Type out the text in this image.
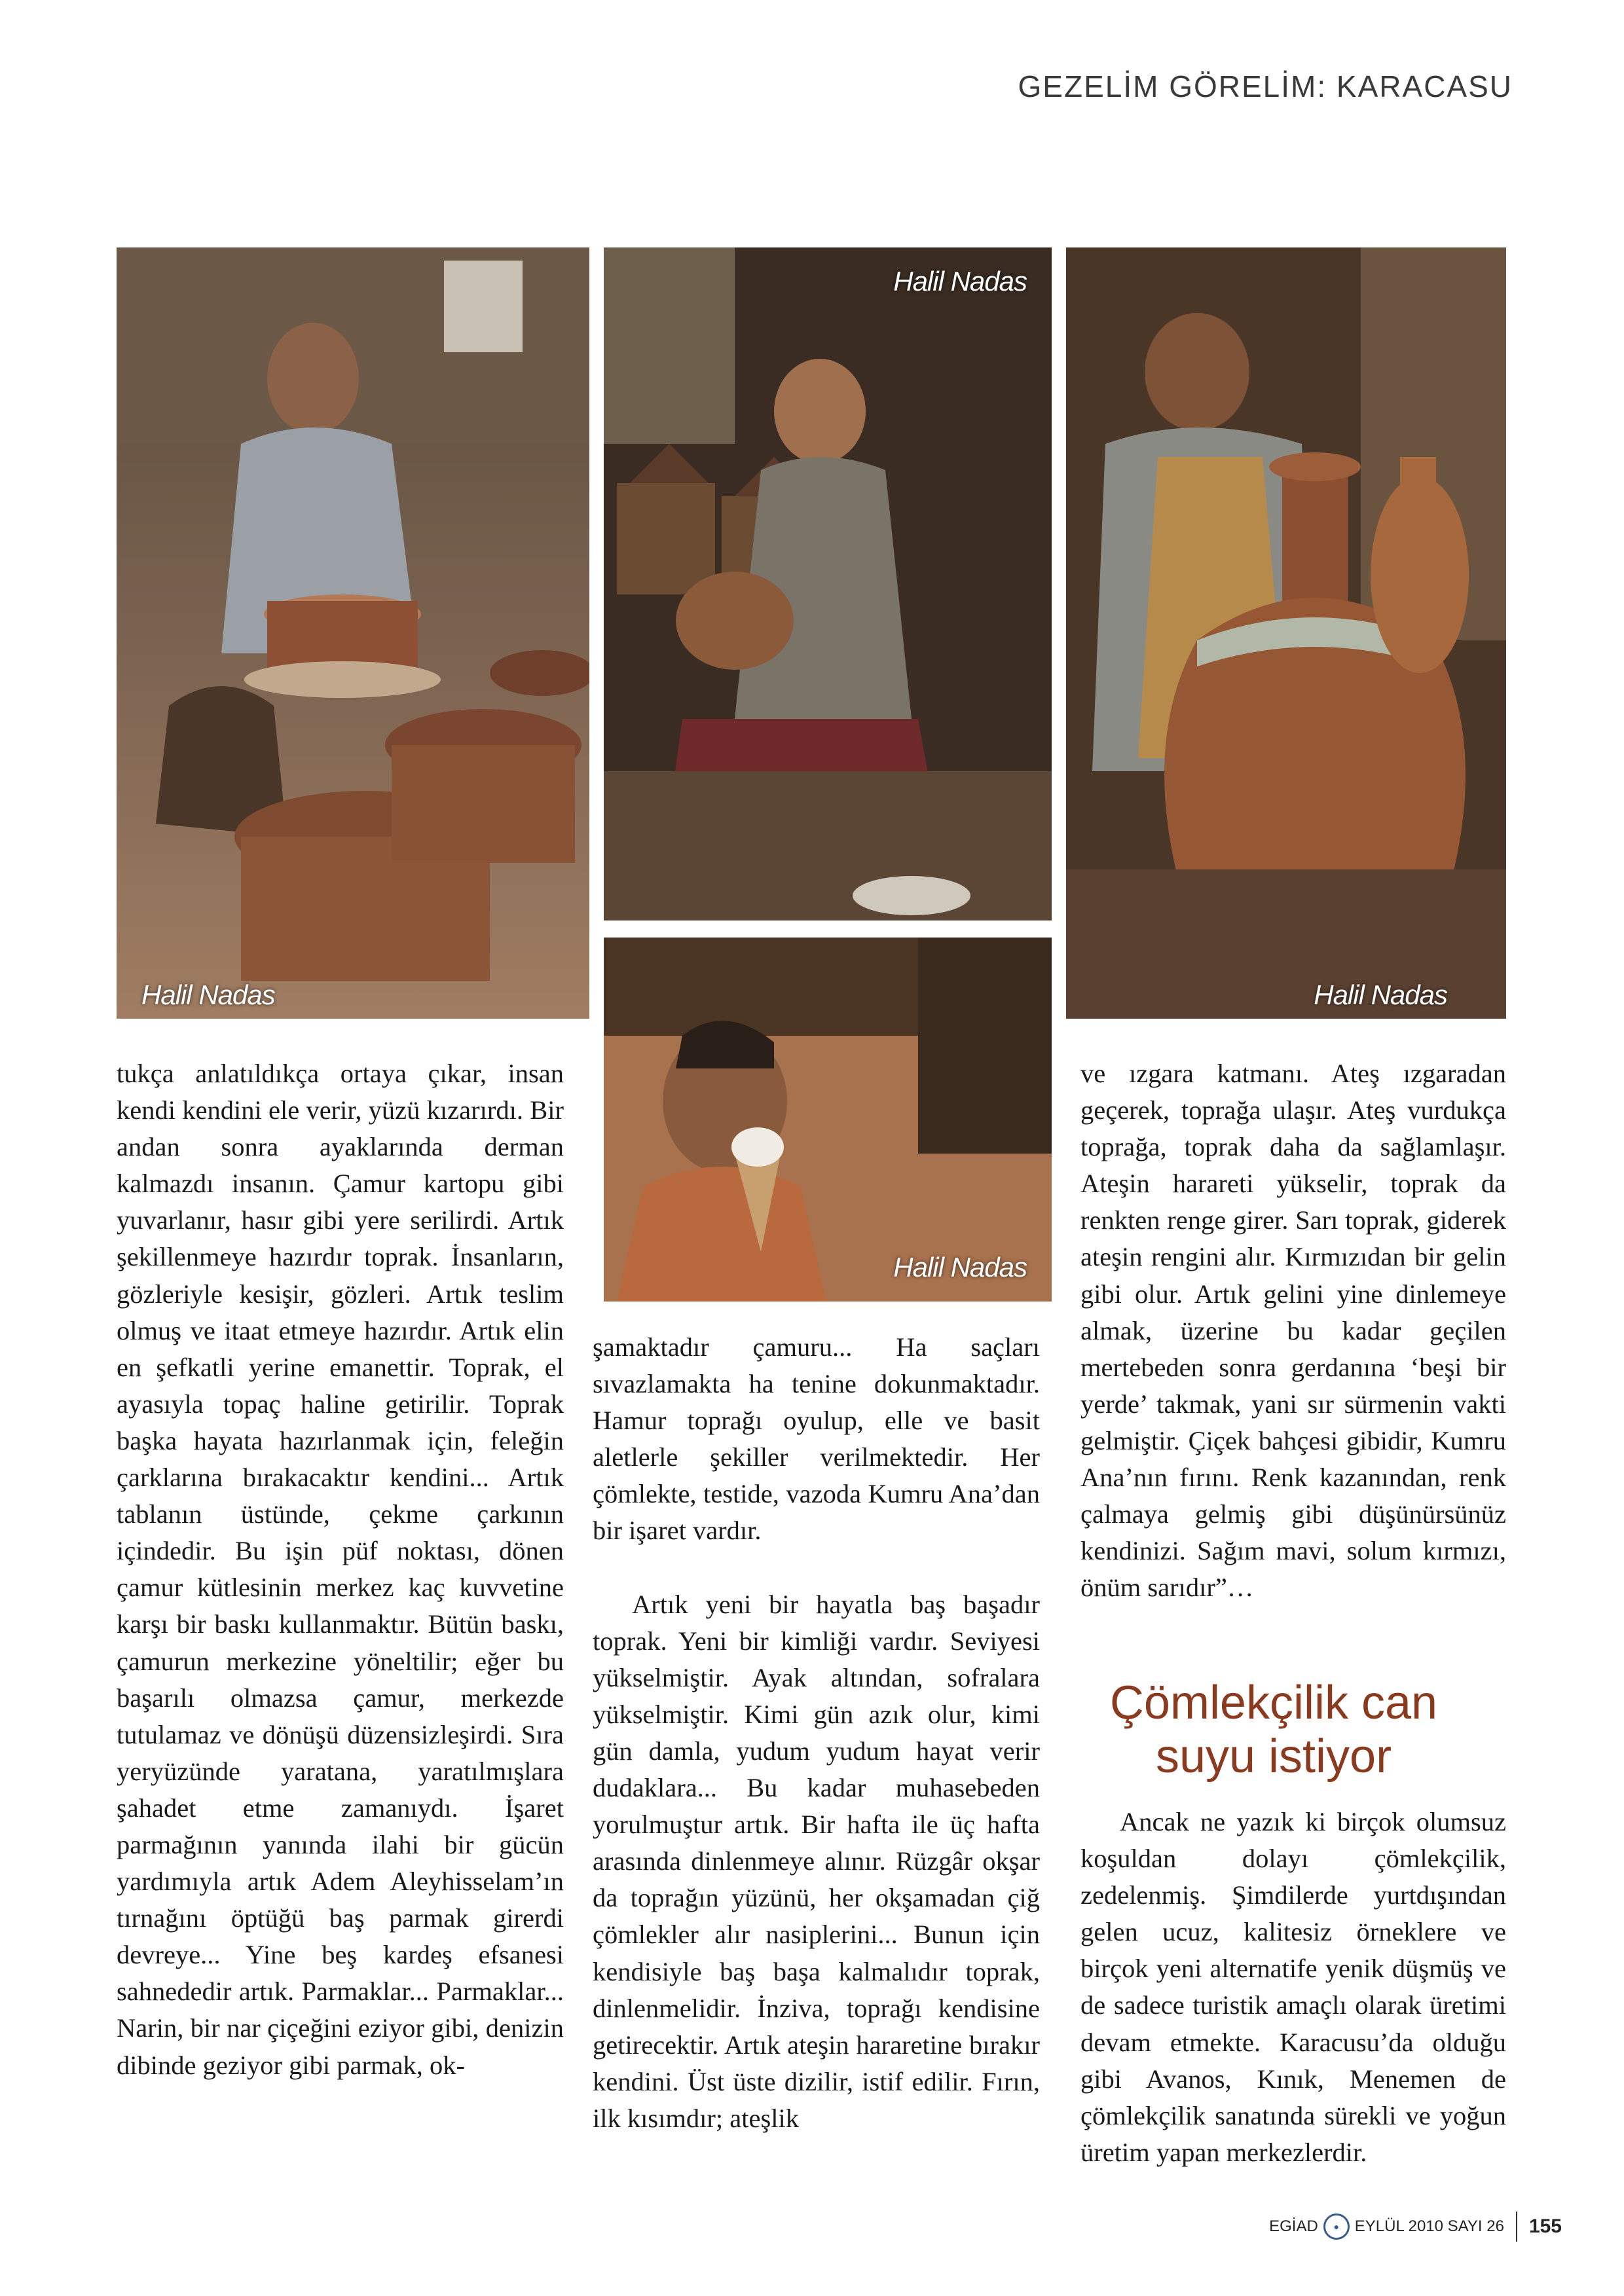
GEZELİM GÖRELİM: KARACASU
Halil Nadas
Halil Nadas
Halil Nadas
Halil Nadas

tukça anlatıldıkça ortaya çıkar, insan kendi kendini ele verir, yüzü kızarırdı. Bir andan sonra ayaklarında derman kalmazdı insanın. Çamur kartopu gibi yuvarlanır, hasır gibi yere serilirdi. Artık şekillenmeye hazırdır toprak. İnsanların, gözleriyle kesişir, gözleri. Artık teslim olmuş ve itaat etmeye hazırdır. Artık elin en şefkatli yerine emanettir. Toprak, el ayasıyla topaç haline getirilir. Toprak başka hayata hazırlanmak için, feleğin çarklarına bırakacaktır kendini... Artık tablanın üstünde, çekme çarkının içindedir. Bu işin püf noktası, dönen çamur kütlesinin merkez kaç kuvvetine karşı bir baskı kullanmaktır. Bütün baskı, çamurun merkezine yöneltilir; eğer bu başarılı olmazsa çamur, merkezde tutulamaz ve dönüşü düzensizleşirdi. Sıra yeryüzünde yaratana, yaratılmışlara şahadet etme zamanıydı. İşaret parmağının yanında ilahi bir gücün yardımıyla artık Adem Aleyhisselam’ın tırnağını öptüğü baş parmak girerdi devreye... Yine beş kardeş efsanesi sahnededir artık. Parmaklar... Parmaklar... Narin, bir nar çiçeğini eziyor gibi, denizin dibinde geziyor gibi parmak, ok-

şamaktadır çamuru... Ha saçları sıvazlamakta ha tenine dokunmaktadır. Hamur toprağı oyulup, elle ve basit aletlerle şekiller verilmektedir. Her çömlekte, testide, vazoda Kumru Ana’dan bir işaret vardır.

Artık yeni bir hayatla baş başadır toprak. Yeni bir kimliği vardır. Seviyesi yükselmiştir. Ayak altından, sofralara yükselmiştir. Kimi gün azık olur, kimi gün damla, yudum yudum hayat verir dudaklara... Bu kadar muhasebeden yorulmuştur artık. Bir hafta ile üç hafta arasında dinlenmeye alınır. Rüzgâr okşar da toprağın yüzünü, her okşamadan çiğ çömlekler alır nasiplerini... Bunun için kendisiyle baş başa kalmalıdır toprak, dinlenmelidir. İnziva, toprağı kendisine getirecektir. Artık ateşin hararetine bırakır kendini. Üst üste dizilir, istif edilir. Fırın, ilk kısımdır; ateşlik

ve ızgara katmanı. Ateş ızgaradan geçerek, toprağa ulaşır. Ateş vurdukça toprağa, toprak daha da sağlamlaşır. Ateşin harareti yükselir, toprak da renkten renge girer. Sarı toprak, giderek ateşin rengini alır. Kırmızıdan bir gelin gibi olur. Artık gelini yine dinlemeye almak, üzerine bu kadar geçilen mertebeden sonra gerdanına ‘beşi bir yerde’ takmak, yani sır sürmenin vakti gelmiştir. Çiçek bahçesi gibidir, Kumru Ana’nın fırını. Renk kazanından, renk çalmaya gelmiş gibi düşünürsünüz kendinizi. Sağım mavi, solum kırmızı, önüm sarıdır”…

Çömlekçilik can
suyu istiyor

Ancak ne yazık ki birçok olumsuz koşuldan dolayı çömlekçilik, zedelenmiş. Şimdilerde yurtdışından gelen ucuz, kalitesiz örneklere ve birçok yeni alternatife yenik düşmüş ve de sadece turistik amaçlı olarak üretimi devam etmekte. Karacusu’da olduğu gibi Avanos, Kınık, Menemen de çömlekçilik sanatında sürekli ve yoğun üretim yapan merkezlerdir.

EGİAD	● EYLÜL 2010 SAYI 26 155
